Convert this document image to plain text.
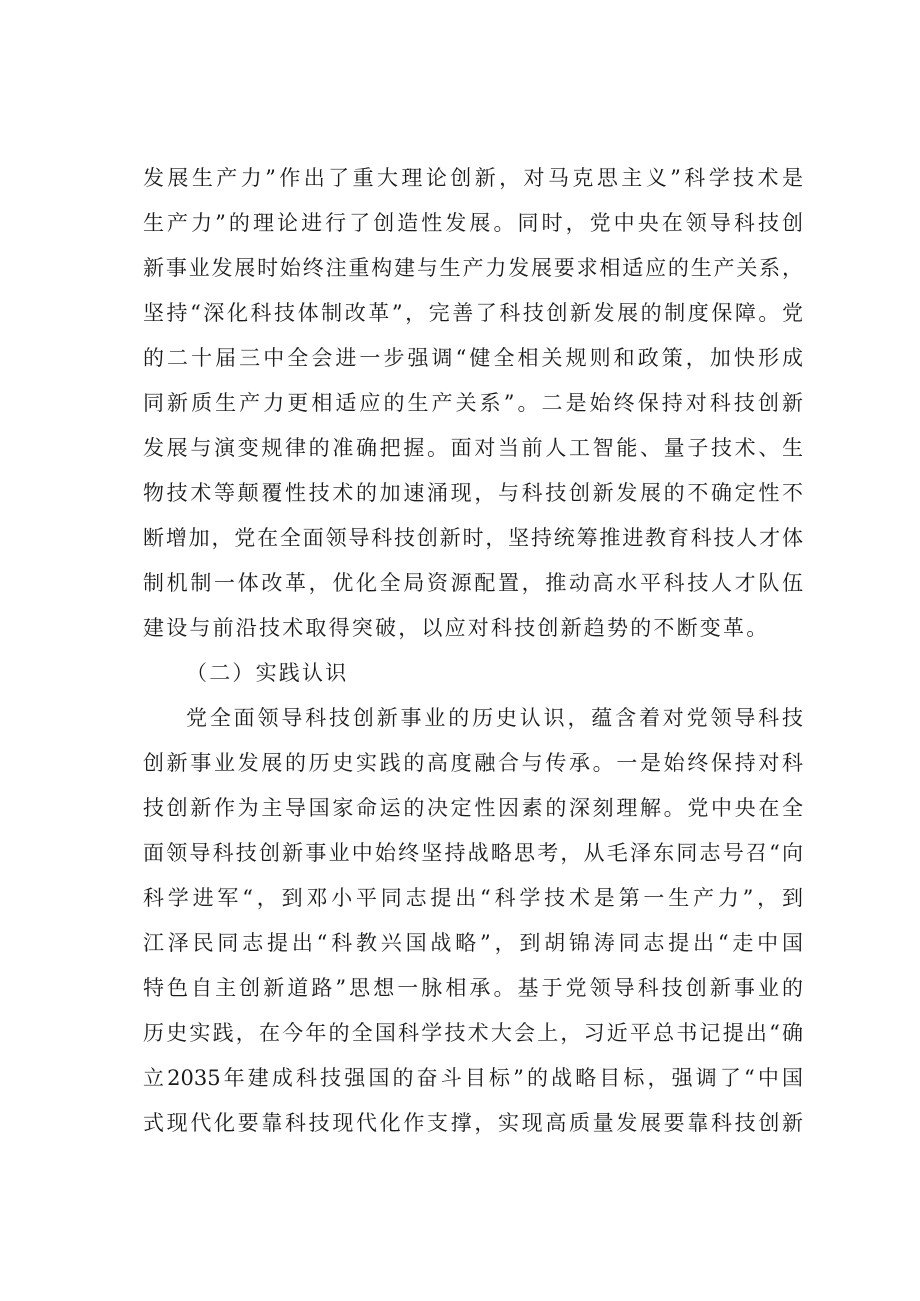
发展生产力”作出了重大理论创新，对马克思主义”科学技术是
生产力”的理论进行了创造性发展。同时，党中央在领导科技创
新事业发展时始终注重构建与生产力发展要求相适应的生产关系，
坚持“深化科技体制改革”，完善了科技创新发展的制度保障。党
的二十届三中全会进一步强调“健全相关规则和政策，加快形成
同新质生产力更相适应的生产关系”。二是始终保持对科技创新
发展与演变规律的准确把握。面对当前人工智能、量子技术、生
物技术等颠覆性技术的加速涌现，与科技创新发展的不确定性不
断增加，党在全面领导科技创新时，坚持统筹推进教育科技人才体
制机制一体改革，优化全局资源配置，推动高水平科技人才队伍
建设与前沿技术取得突破，以应对科技创新趋势的不断变革。
（二）实践认识
党全面领导科技创新事业的历史认识，蕴含着对党领导科技
创新事业发展的历史实践的高度融合与传承。一是始终保持对科
技创新作为主导国家命运的决定性因素的深刻理解。党中央在全
面领导科技创新事业中始终坚持战略思考，从毛泽东同志号召“向
科学进军“，到邓小平同志提出“科学技术是第一生产力”，到
江泽民同志提出“科教兴国战略”，到胡锦涛同志提出“走中国
特色自主创新道路”思想一脉相承。基于党领导科技创新事业的
历史实践，在今年的全国科学技术大会上，习近平总书记提出“确
立2035年建成科技强国的奋斗目标”的战略目标，强调了“中国
式现代化要靠科技现代化作支撑，实现高质量发展要靠科技创新
